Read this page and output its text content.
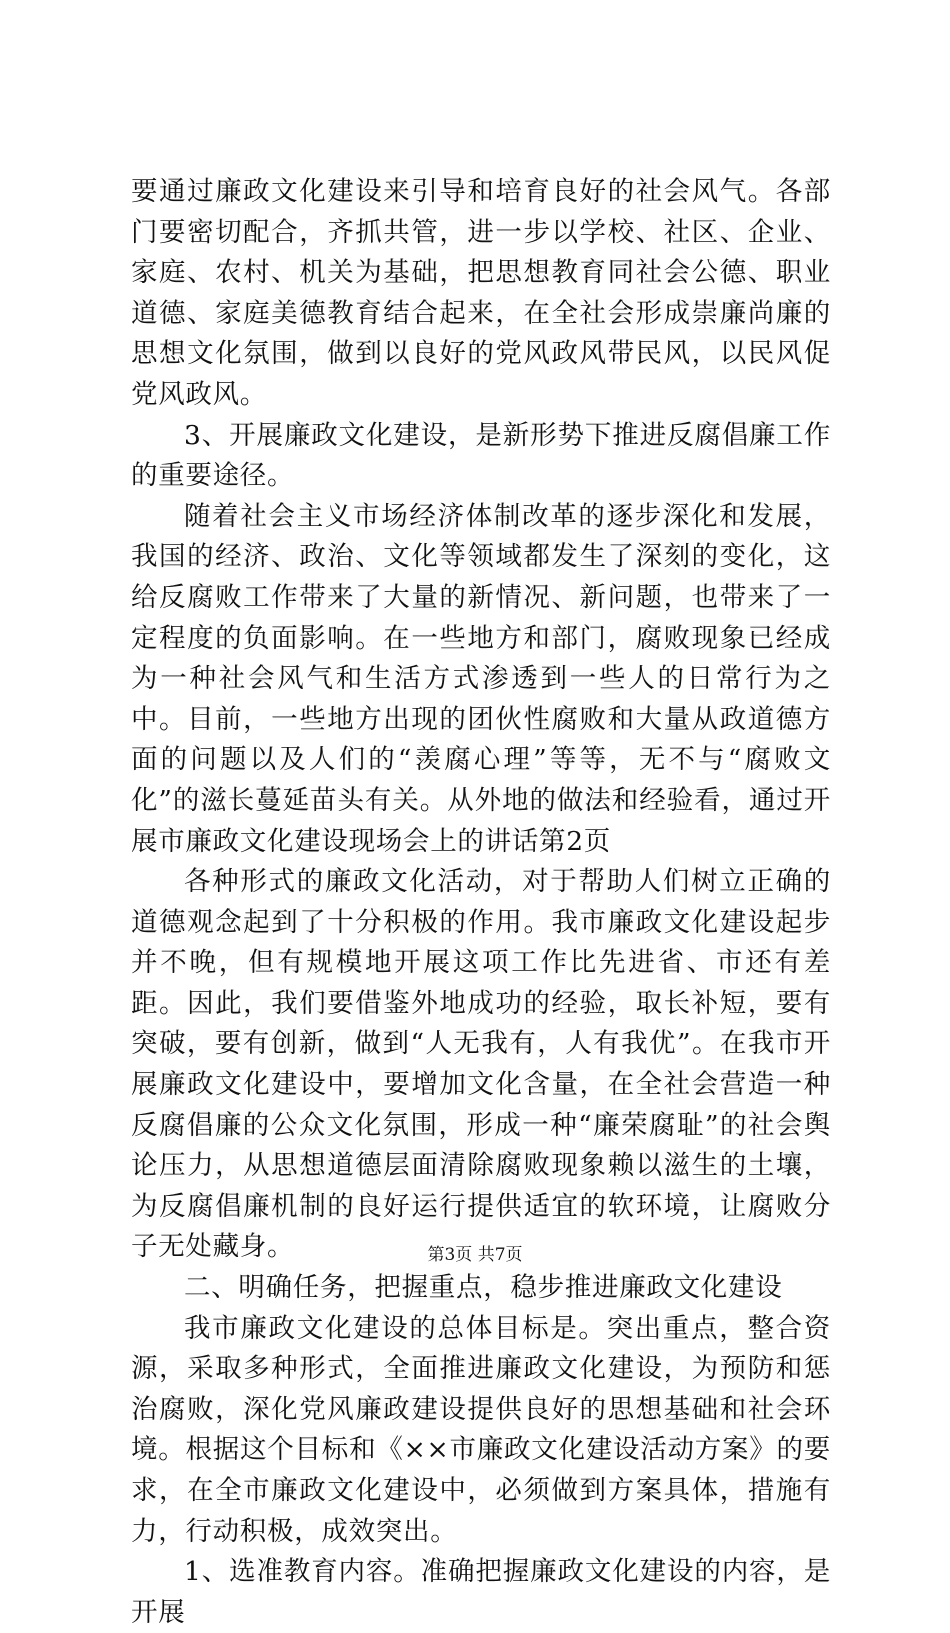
要通过廉政文化建设来引导和培育良好的社会风气。各部门要密切配合，齐抓共管，进一步以学校、社区、企业、家庭、农村、机关为基础，把思想教育同社会公德、职业道德、家庭美德教育结合起来，在全社会形成崇廉尚廉的思想文化氛围，做到以良好的党风政风带民风，以民风促党风政风。

3、开展廉政文化建设，是新形势下推进反腐倡廉工作的重要途径。

随着社会主义市场经济体制改革的逐步深化和发展，我国的经济、政治、文化等领域都发生了深刻的变化，这给反腐败工作带来了大量的新情况、新问题，也带来了一定程度的负面影响。在一些地方和部门，腐败现象已经成为一种社会风气和生活方式渗透到一些人的日常行为之中。目前，一些地方出现的团伙性腐败和大量从政道德方面的问题以及人们的“羡腐心理”等等，无不与“腐败文化”的滋长蔓延苗头有关。从外地的做法和经验看，通过开展市廉政文化建设现场会上的讲话第2页

各种形式的廉政文化活动，对于帮助人们树立正确的道德观念起到了十分积极的作用。我市廉政文化建设起步并不晚，但有规模地开展这项工作比先进省、市还有差距。因此，我们要借鉴外地成功的经验，取长补短，要有突破，要有创新，做到“人无我有，人有我优”。在我市开展廉政文化建设中，要增加文化含量，在全社会营造一种反腐倡廉的公众文化氛围，形成一种“廉荣腐耻”的社会舆论压力，从思想道德层面清除腐败现象赖以滋生的土壤，为反腐倡廉机制的良好运行提供适宜的软环境，让腐败分子无处藏身。

二、明确任务，把握重点，稳步推进廉政文化建设

我市廉政文化建设的总体目标是。突出重点，整合资源，采取多种形式，全面推进廉政文化建设，为预防和惩治腐败，深化党风廉政建设提供良好的思想基础和社会环境。根据这个目标和《××市廉政文化建设活动方案》的要求，在全市廉政文化建设中，必须做到方案具体，措施有力，行动积极，成效突出。

1、选准教育内容。准确把握廉政文化建设的内容，是开展

第3页 共7页
